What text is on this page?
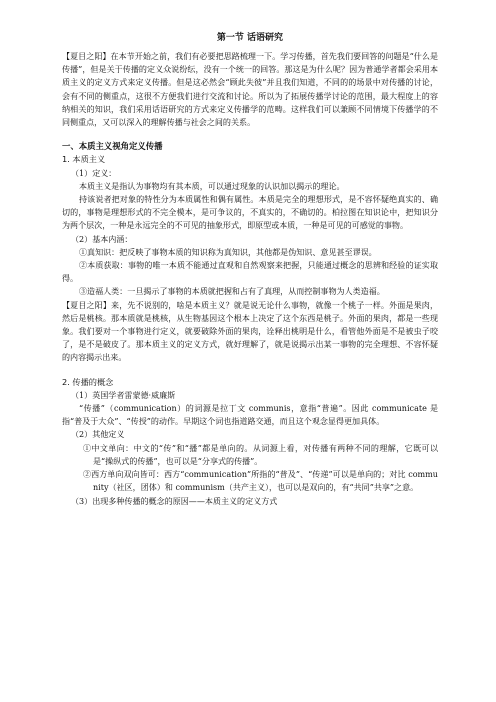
第一节 话语研究

【夏目之阳】在本节开始之前，我们有必要把思路梳理一下。学习传播，首先我们要回答的问题是“什么是传播”，但是关于传播的定义众说纷纭，没有一个统一的回答。那这是为什么呢？因为普通学者都会采用本质主义的定义方式来定义传播。但是这必然会“顾此失彼”并且我们知道，不同的的场景中对传播的讨论，会有不同的侧重点，这很不方便我们进行交流和讨论。所以为了拓展传播学讨论的范围，最大程度上的容纳相关的知识，我们采用话语研究的方式来定义传播学的范畴。这样我们可以兼顾不同情境下传播学的不同侧重点，又可以深入的理解传播与社会之间的关系。

一、本质主义视角定义传播

1. 本质主义

（1）定义：

本质主义是指认为事物均有其本质，可以通过现象的认识加以揭示的理论。

持该说者把对象的特性分为本质属性和偶有属性。本质是完全的理想形式，是不容怀疑绝真实的、确切的，事物是理想形式的不完全模本，是可争议的，不真实的，不确切的。柏拉图在知识论中，把知识分为两个层次，一种是永远完全的不可见的抽象形式，即原型或本质，一种是可见的可感觉的事物。

（2）基本内涵：

①真知识：把反映了事物本质的知识称为真知识，其他都是伪知识、意见甚至谬误。

②本质获取：事物的唯一本质不能通过直观和自然观察来把握，只能通过概念的思辨和经验的证实取得。

③造福人类：一旦揭示了事物的本质就把握和占有了真理，从而控制事物为人类造福。

【夏目之阳】来，先不说别的，啥是本质主义？就是说无论什么事物，就像一个桃子一样。外面是果肉，然后是桃核。那本质就是桃核，从生物基因这个根本上决定了这个东西是桃子。外面的果肉，都是一些现象。我们要对一个事物进行定义，就要破除外面的果肉，诠释出桃明是什么，看管他外面是不是被虫子咬了，是不是破皮了。那本质主义的定义方式，就好理解了，就是说揭示出某一事物的完全理想、不容怀疑的内容揭示出来。

2. 传播的概念

（1）英国学者雷蒙德·威廉斯

“传播”（communication）的词源是拉丁文 communis，意指“普遍”。因此 communicate 是指“普及于大众”、“传授”的动作。早期这个词也指道路交通，而且这个观念显得更加具体。

（2）其他定义

①中文单向：中文的“传”和“播”都是单向的。从词源上看，对传播有两种不同的理解，它既可以是“操纵式的传播”，也可以是“分享式的传播”。

②西方单向双向皆可：西方“communication”所指的“普及”、“传递”可以是单向的；对比 community（社区，团体）和 communism（共产主义），也可以是双向的，有“共同”共享”之意。

（3）出现多种传播的概念的原因——本质主义的定义方式
